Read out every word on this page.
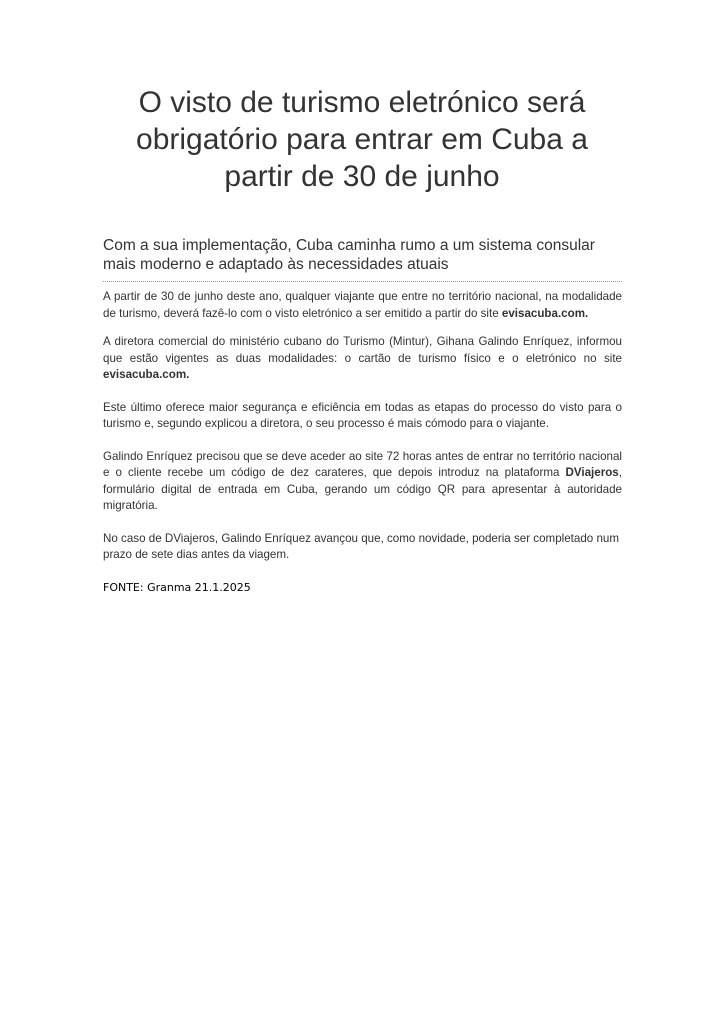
O visto de turismo eletrónico será obrigatório para entrar em Cuba a partir de 30 de junho

Com a sua implementação, Cuba caminha rumo a um sistema consular mais moderno e adaptado às necessidades atuais

A partir de 30 de junho deste ano, qualquer viajante que entre no território nacional, na modalidade de turismo, deverá fazê-lo com o visto eletrónico a ser emitido a partir do site evisacuba.com.

A diretora comercial do ministério cubano do Turismo (Mintur), Gihana Galindo Enríquez, informou que estão vigentes as duas modalidades: o cartão de turismo físico e o eletrónico no site evisacuba.com.

Este último oferece maior segurança e eficiência em todas as etapas do processo do visto para o turismo e, segundo explicou a diretora, o seu processo é mais cómodo para o viajante.

Galindo Enríquez precisou que se deve aceder ao site 72 horas antes de entrar no território nacional e o cliente recebe um código de dez carateres, que depois introduz na plataforma DViajeros, formulário digital de entrada em Cuba, gerando um código QR para apresentar à autoridade migratória.

No caso de DViajeros, Galindo Enríquez avançou que, como novidade, poderia ser completado num prazo de sete dias antes da viagem.

FONTE: Granma 21.1.2025
